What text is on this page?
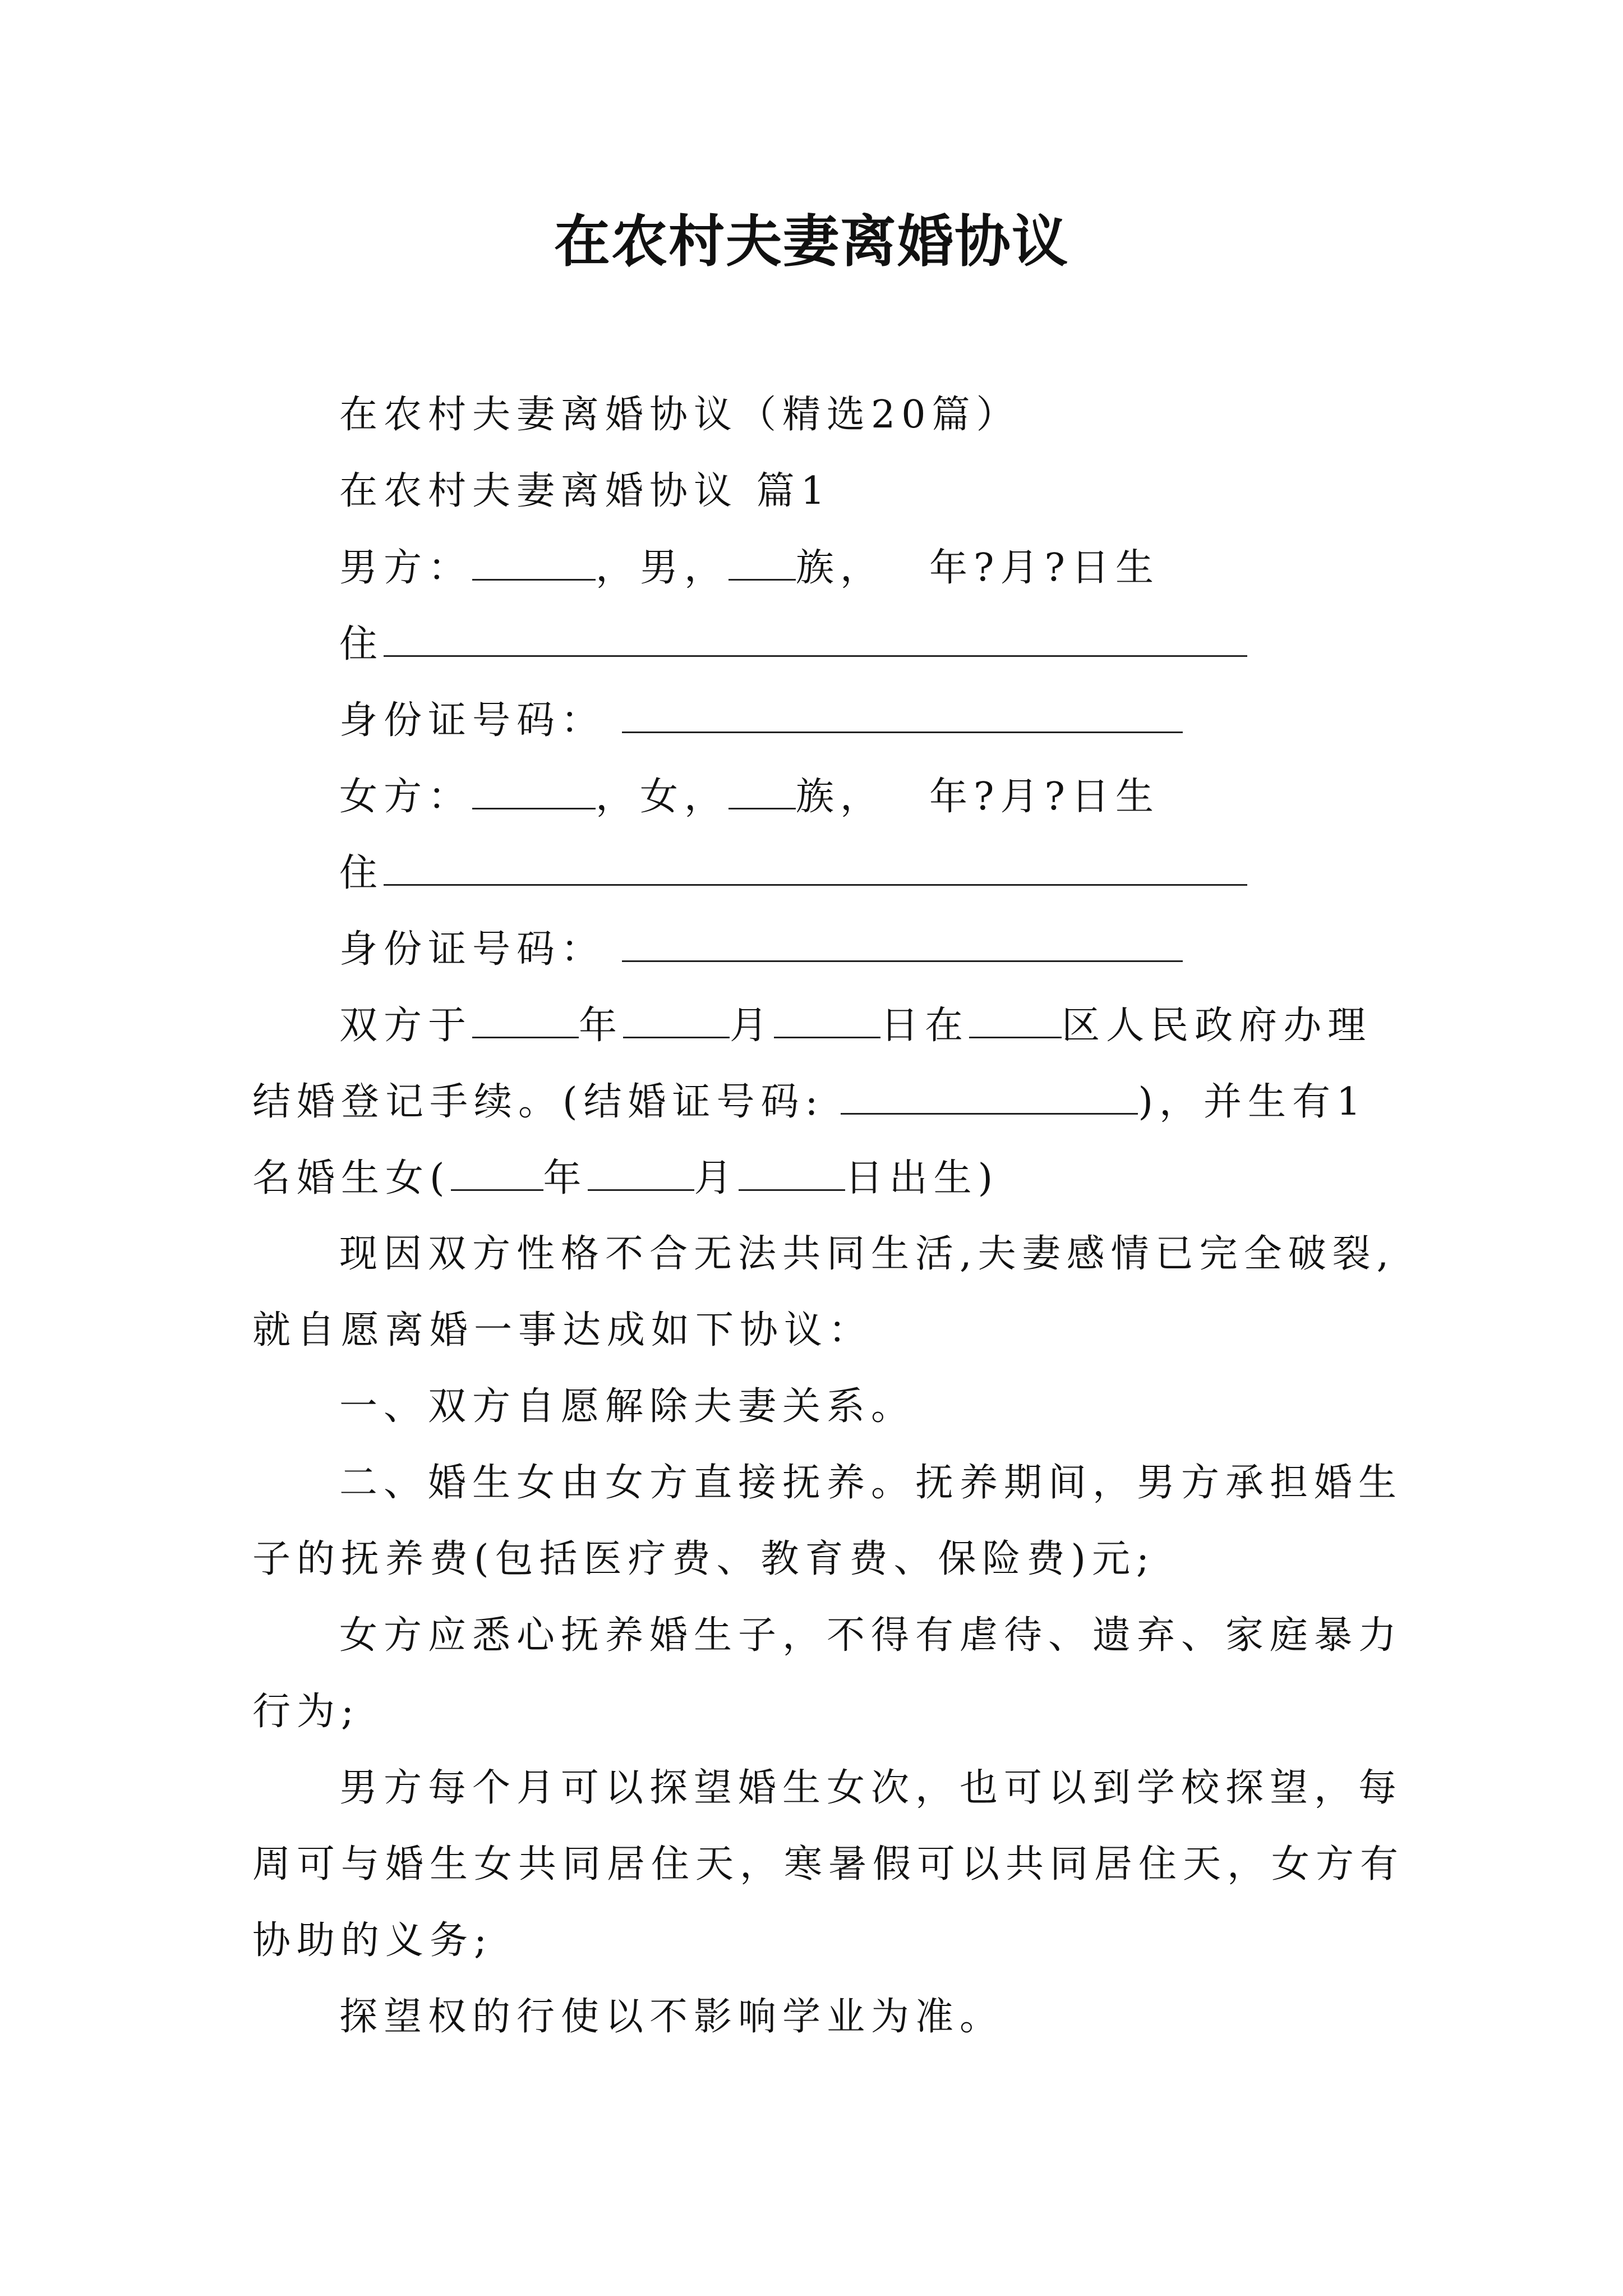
在农村夫妻离婚协议
在农村夫妻离婚协议（精选20篇）
在农村夫妻离婚协议 篇1
男方：	，男， 族， 年?月?日生
住
身份证号码：
女方：	，女， 族， 年?月?日生
住
身份证号码：
双方于	年	月	日在 区人民政府办理
结婚登记手续。(结婚证号码:	)，并生有1
名婚生女( 年	月	日出生)
现因双方性格不合无法共同生活,夫妻感情已完全破裂,
就自愿离婚一事达成如下协议：
一、双方自愿解除夫妻关系。
二、婚生女由女方直接抚养。抚养期间，男方承担婚生
子的抚养费(包括医疗费、教育费、保险费)元;
女方应悉心抚养婚生子，不得有虐待、遗弃、家庭暴力
行为;
男方每个月可以探望婚生女次，也可以到学校探望，每
周可与婚生女共同居住天，寒暑假可以共同居住天，女方有
协助的义务;
探望权的行使以不影响学业为准。
